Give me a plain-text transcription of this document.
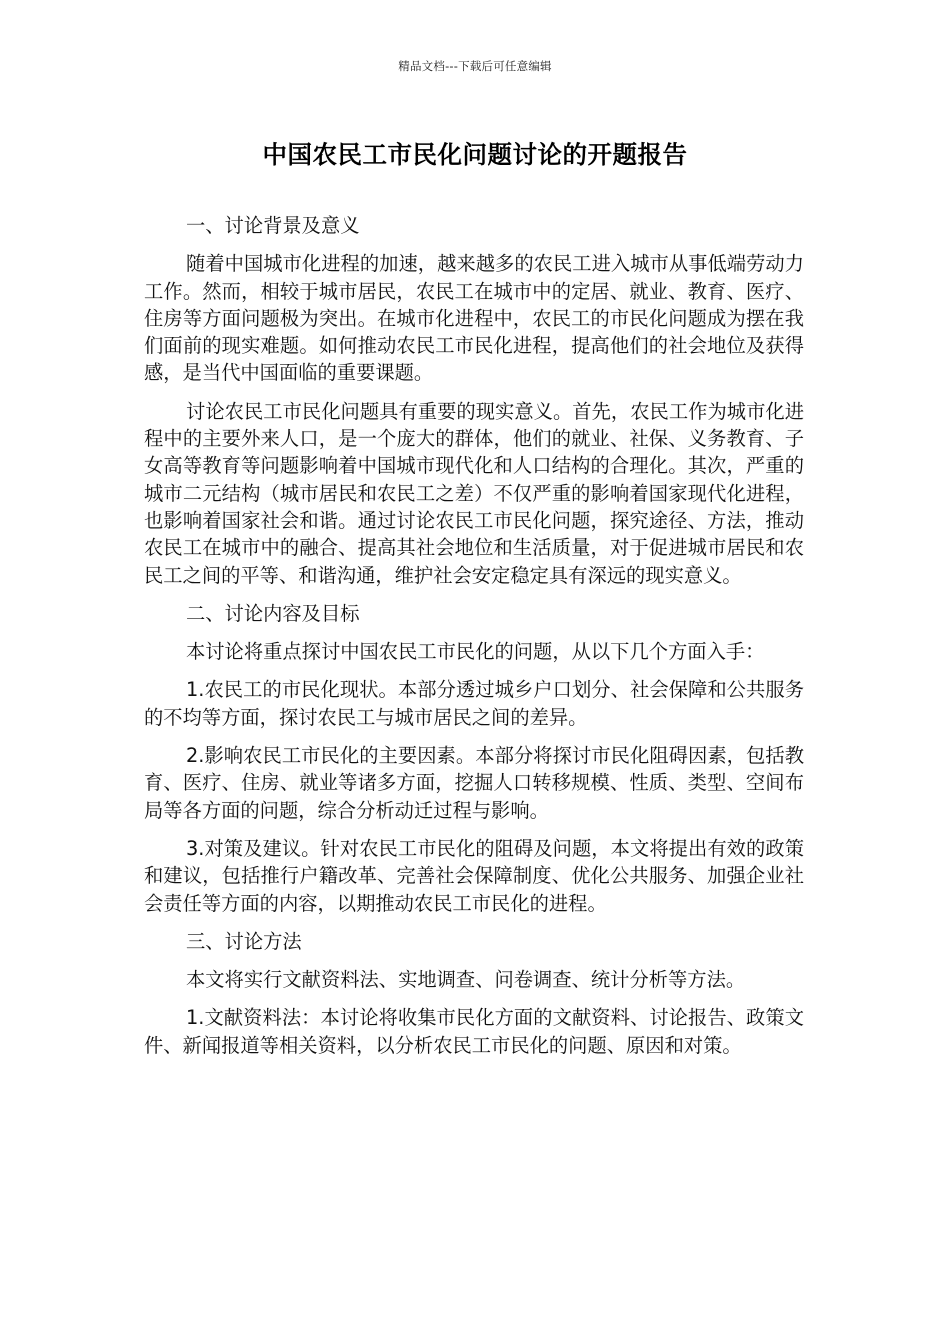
精品文档---下载后可任意编辑
中国农民工市民化问题讨论的开题报告

一、讨论背景及意义

随着中国城市化进程的加速，越来越多的农民工进入城市从事低端劳动力工作。然而，相较于城市居民，农民工在城市中的定居、就业、教育、医疗、住房等方面问题极为突出。在城市化进程中，农民工的市民化问题成为摆在我们面前的现实难题。如何推动农民工市民化进程，提高他们的社会地位及获得感，是当代中国面临的重要课题。

讨论农民工市民化问题具有重要的现实意义。首先，农民工作为城市化进程中的主要外来人口，是一个庞大的群体，他们的就业、社保、义务教育、子女高等教育等问题影响着中国城市现代化和人口结构的合理化。其次，严重的城市二元结构（城市居民和农民工之差）不仅严重的影响着国家现代化进程，也影响着国家社会和谐。通过讨论农民工市民化问题，探究途径、方法，推动农民工在城市中的融合、提高其社会地位和生活质量，对于促进城市居民和农民工之间的平等、和谐沟通，维护社会安定稳定具有深远的现实意义。

二、讨论内容及目标

本讨论将重点探讨中国农民工市民化的问题，从以下几个方面入手：

1.农民工的市民化现状。本部分透过城乡户口划分、社会保障和公共服务的不均等方面，探讨农民工与城市居民之间的差异。

2.影响农民工市民化的主要因素。本部分将探讨市民化阻碍因素，包括教育、医疗、住房、就业等诸多方面，挖掘人口转移规模、性质、类型、空间布局等各方面的问题，综合分析动迁过程与影响。

3.对策及建议。针对农民工市民化的阻碍及问题，本文将提出有效的政策和建议，包括推行户籍改革、完善社会保障制度、优化公共服务、加强企业社会责任等方面的内容，以期推动农民工市民化的进程。

三、讨论方法

本文将实行文献资料法、实地调查、问卷调查、统计分析等方法。

1.文献资料法：本讨论将收集市民化方面的文献资料、讨论报告、政策文件、新闻报道等相关资料，以分析农民工市民化的问题、原因和对策。
